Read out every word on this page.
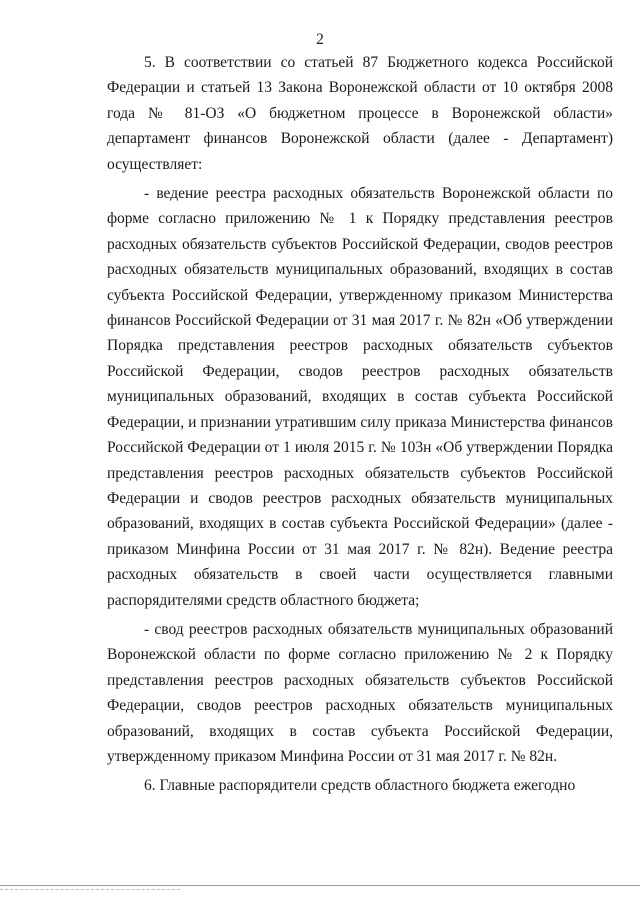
2

5. В соответствии со статьей 87 Бюджетного кодекса Российской Федерации и статьей 13 Закона Воронежской области от 10 октября 2008 года № 81-ОЗ «О бюджетном процессе в Воронежской области» департамент финансов Воронежской области (далее - Департамент) осуществляет:

- ведение реестра расходных обязательств Воронежской области по форме согласно приложению № 1 к Порядку представления реестров расходных обязательств субъектов Российской Федерации, сводов реестров расходных обязательств муниципальных образований, входящих в состав субъекта Российской Федерации, утвержденному приказом Министерства финансов Российской Федерации от 31 мая 2017 г. № 82н «Об утверждении Порядка представления реестров расходных обязательств субъектов Российской Федерации, сводов реестров расходных обязательств муниципальных образований, входящих в состав субъекта Российской Федерации, и признании утратившим силу приказа Министерства финансов Российской Федерации от 1 июля 2015 г. № 103н «Об утверждении Порядка представления реестров расходных обязательств субъектов Российской Федерации и сводов реестров расходных обязательств муниципальных образований, входящих в состав субъекта Российской Федерации» (далее - приказом Минфина России от 31 мая 2017 г. № 82н). Ведение реестра расходных обязательств в своей части осуществляется главными распорядителями средств областного бюджета;

- свод реестров расходных обязательств муниципальных образований Воронежской области по форме согласно приложению № 2 к Порядку представления реестров расходных обязательств субъектов Российской Федерации, сводов реестров расходных обязательств муниципальных образований, входящих в состав субъекта Российской Федерации, утвержденному приказом Минфина России от 31 мая 2017 г. № 82н.

6. Главные распорядители средств областного бюджета ежегодно
